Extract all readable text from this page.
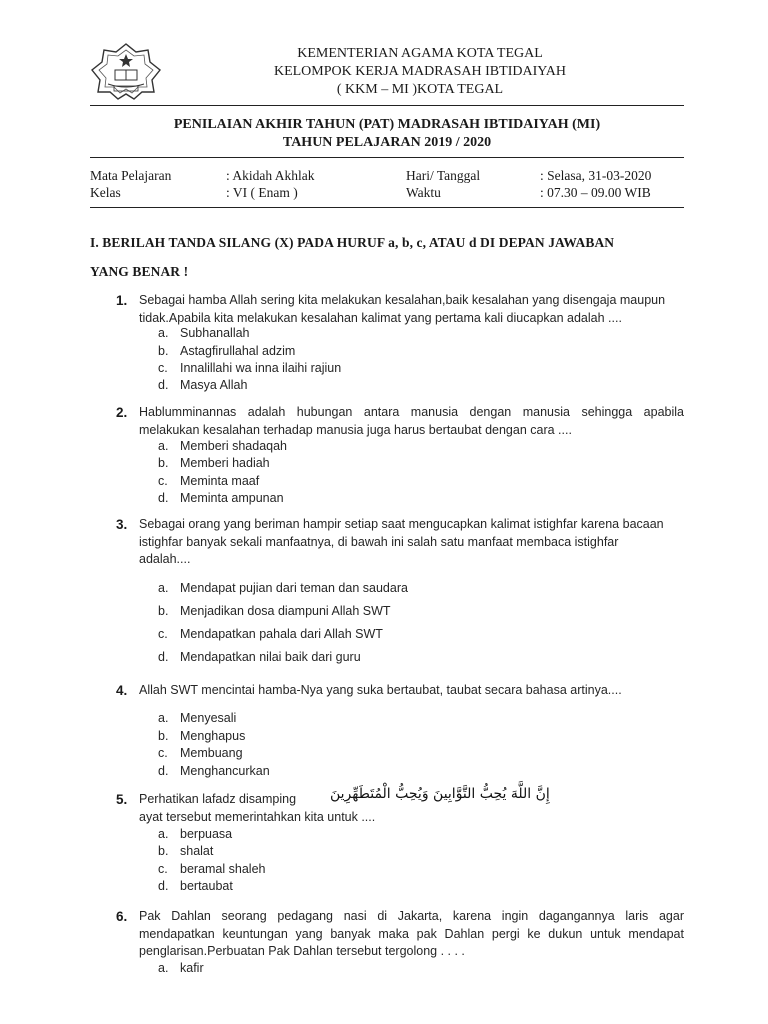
KEMENTERIAN AGAMA KOTA TEGAL
KELOMPOK KERJA MADRASAH IBTIDAIYAH
( KKM – MI )KOTA TEGAL
PENILAIAN AKHIR TAHUN (PAT) MADRASAH IBTIDAIYAH (MI)
TAHUN PELAJARAN 2019 / 2020
Mata Pelajaran	: Akidah Akhlak	Hari/ Tanggal	: Selasa, 31-03-2020
Kelas	: VI ( Enam )	Waktu	: 07.30 – 09.00 WIB
I. BERILAH TANDA SILANG (X) PADA HURUF a, b, c, ATAU d DI DEPAN JAWABAN
YANG BENAR !
1. Sebagai hamba Allah sering kita melakukan kesalahan,baik kesalahan yang disengaja maupun
tidak.Apabila kita melakukan kesalahan kalimat yang pertama kali diucapkan adalah ....
a. Subhanallah
b. Astagfirullahal adzim
c. Innalillahi wa inna ilaihi rajiun
d. Masya Allah
2. Hablumminannas adalah hubungan antara manusia dengan manusia sehingga apabila
melakukan kesalahan terhadap manusia juga harus bertaubat dengan cara ....
a. Memberi shadaqah
b. Memberi hadiah
c. Meminta maaf
d. Meminta ampunan
3. Sebagai orang yang beriman hampir setiap saat mengucapkan kalimat istighfar karena bacaan
istighfar banyak sekali manfaatnya, di bawah ini salah satu manfaat membaca istighfar
adalah....
a. Mendapat pujian dari teman dan saudara
b. Menjadikan dosa diampuni Allah SWT
c. Mendapatkan pahala dari Allah SWT
d. Mendapatkan nilai baik dari guru
4. Allah SWT mencintai hamba-Nya yang suka bertaubat, taubat secara bahasa artinya....
a. Menyesali
b. Menghapus
c. Membuang
d. Menghancurkan
5. Perhatikan lafadz disamping
ayat tersebut memerintahkan kita untuk ....
إِنَّ اللَّهَ يُحِبُّ التَّوَّابِينَ وَيُحِبُّ الْمُتَطَهِّرِينَ
a. berpuasa
b. shalat
c. beramal shaleh
d. bertaubat
6. Pak Dahlan seorang pedagang nasi di Jakarta, karena ingin dagangannya laris agar
mendapatkan keuntungan yang banyak maka pak Dahlan pergi ke dukun untuk mendapat
penglarisan.Perbuatan Pak Dahlan tersebut tergolong . . . .
a. kafir
